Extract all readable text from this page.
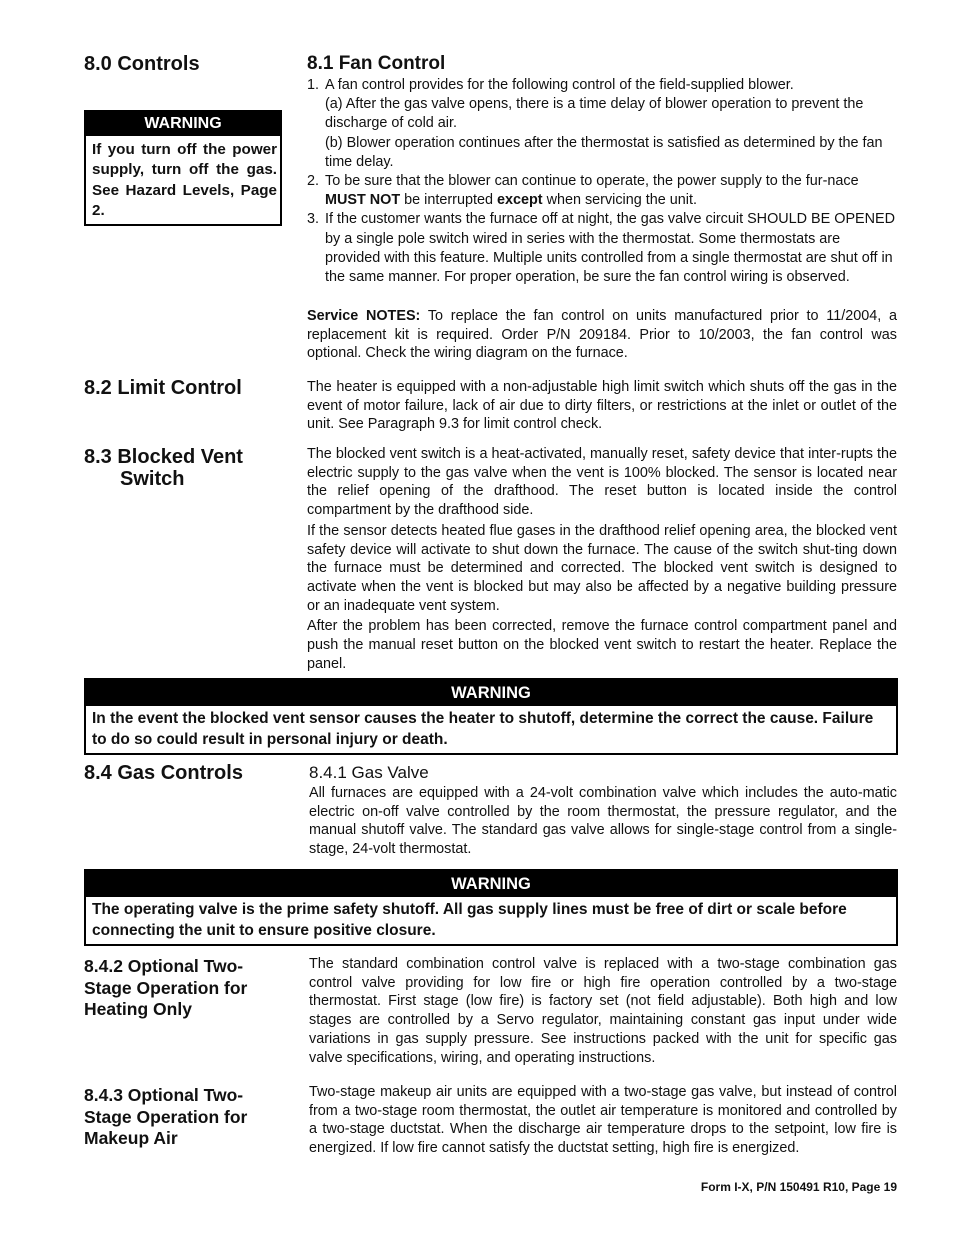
8.0 Controls
WARNING
If you turn off the power supply, turn off the gas. See Hazard Levels, Page 2.
8.1 Fan Control
1. A fan control provides for the following control of the field-supplied blower.
(a) After the gas valve opens, there is a time delay of blower operation to prevent the discharge of cold air.
(b) Blower operation continues after the thermostat is satisfied as determined by the fan time delay.
2. To be sure that the blower can continue to operate, the power supply to the fur-nace MUST NOT be interrupted except when servicing the unit.
3. If the customer wants the furnace off at night, the gas valve circuit SHOULD BE OPENED by a single pole switch wired in series with the thermostat. Some thermostats are provided with this feature. Multiple units controlled from a single thermostat are shut off in the same manner. For proper operation, be sure the fan control wiring is observed.

Service NOTES: To replace the fan control on units manufactured prior to 11/2004, a replacement kit is required. Order P/N 209184. Prior to 10/2003, the fan control was optional. Check the wiring diagram on the furnace.

8.2 Limit Control	The heater is equipped with a non-adjustable high limit switch which shuts off the gas in the event of motor failure, lack of air due to dirty filters, or restrictions at the inlet or outlet of the unit. See Paragraph 9.3 for limit control check.

8.3 Blocked Vent
Switch

The blocked vent switch is a heat-activated, manually reset, safety device that inter-rupts the electric supply to the gas valve when the vent is 100% blocked. The sensor is located near the relief opening of the drafthood. The reset button is located inside the control compartment by the drafthood side.

If the sensor detects heated flue gases in the drafthood relief opening area, the blocked vent safety device will activate to shut down the furnace. The cause of the switch shut-ting down the furnace must be determined and corrected. The blocked vent switch is designed to activate when the vent is blocked but may also be affected by a negative building pressure or an inadequate vent system.

After the problem has been corrected, remove the furnace control compartment panel and push the manual reset button on the blocked vent switch to restart the heater. Replace the panel.

WARNING
In the event the blocked vent sensor causes the heater to shutoff, determine the correct the cause. Failure to do so could result in personal injury or death.
8.4 Gas Controls	8.4.1 Gas Valve

All furnaces are equipped with a 24-volt combination valve which includes the auto-matic electric on-off valve controlled by the room thermostat, the pressure regulator, and the manual shutoff valve. The standard gas valve allows for single-stage control from a single-stage, 24-volt thermostat.

WARNING
The operating valve is the prime safety shutoff. All gas supply lines must be free of dirt or scale before connecting the unit to ensure positive closure.
8.4.2 Optional Two-
Stage Operation for
Heating Only

The standard combination control valve is replaced with a two-stage combination gas control valve providing for low fire or high fire operation controlled by a two-stage thermostat. First stage (low fire) is factory set (not field adjustable). Both high and low stages are controlled by a Servo regulator, maintaining constant gas input under wide variations in gas supply pressure. See instructions packed with the unit for specific gas valve specifications, wiring, and operating instructions.

8.4.3 Optional Two-
Stage Operation for
Makeup Air

Two-stage makeup air units are equipped with a two-stage gas valve, but instead of control from a two-stage room thermostat, the outlet air temperature is monitored and controlled by a two-stage ductstat. When the discharge air temperature drops to the setpoint, low fire is energized. If low fire cannot satisfy the ductstat setting, high fire is energized.

Form I-X, P/N 150491 R10, Page 19
